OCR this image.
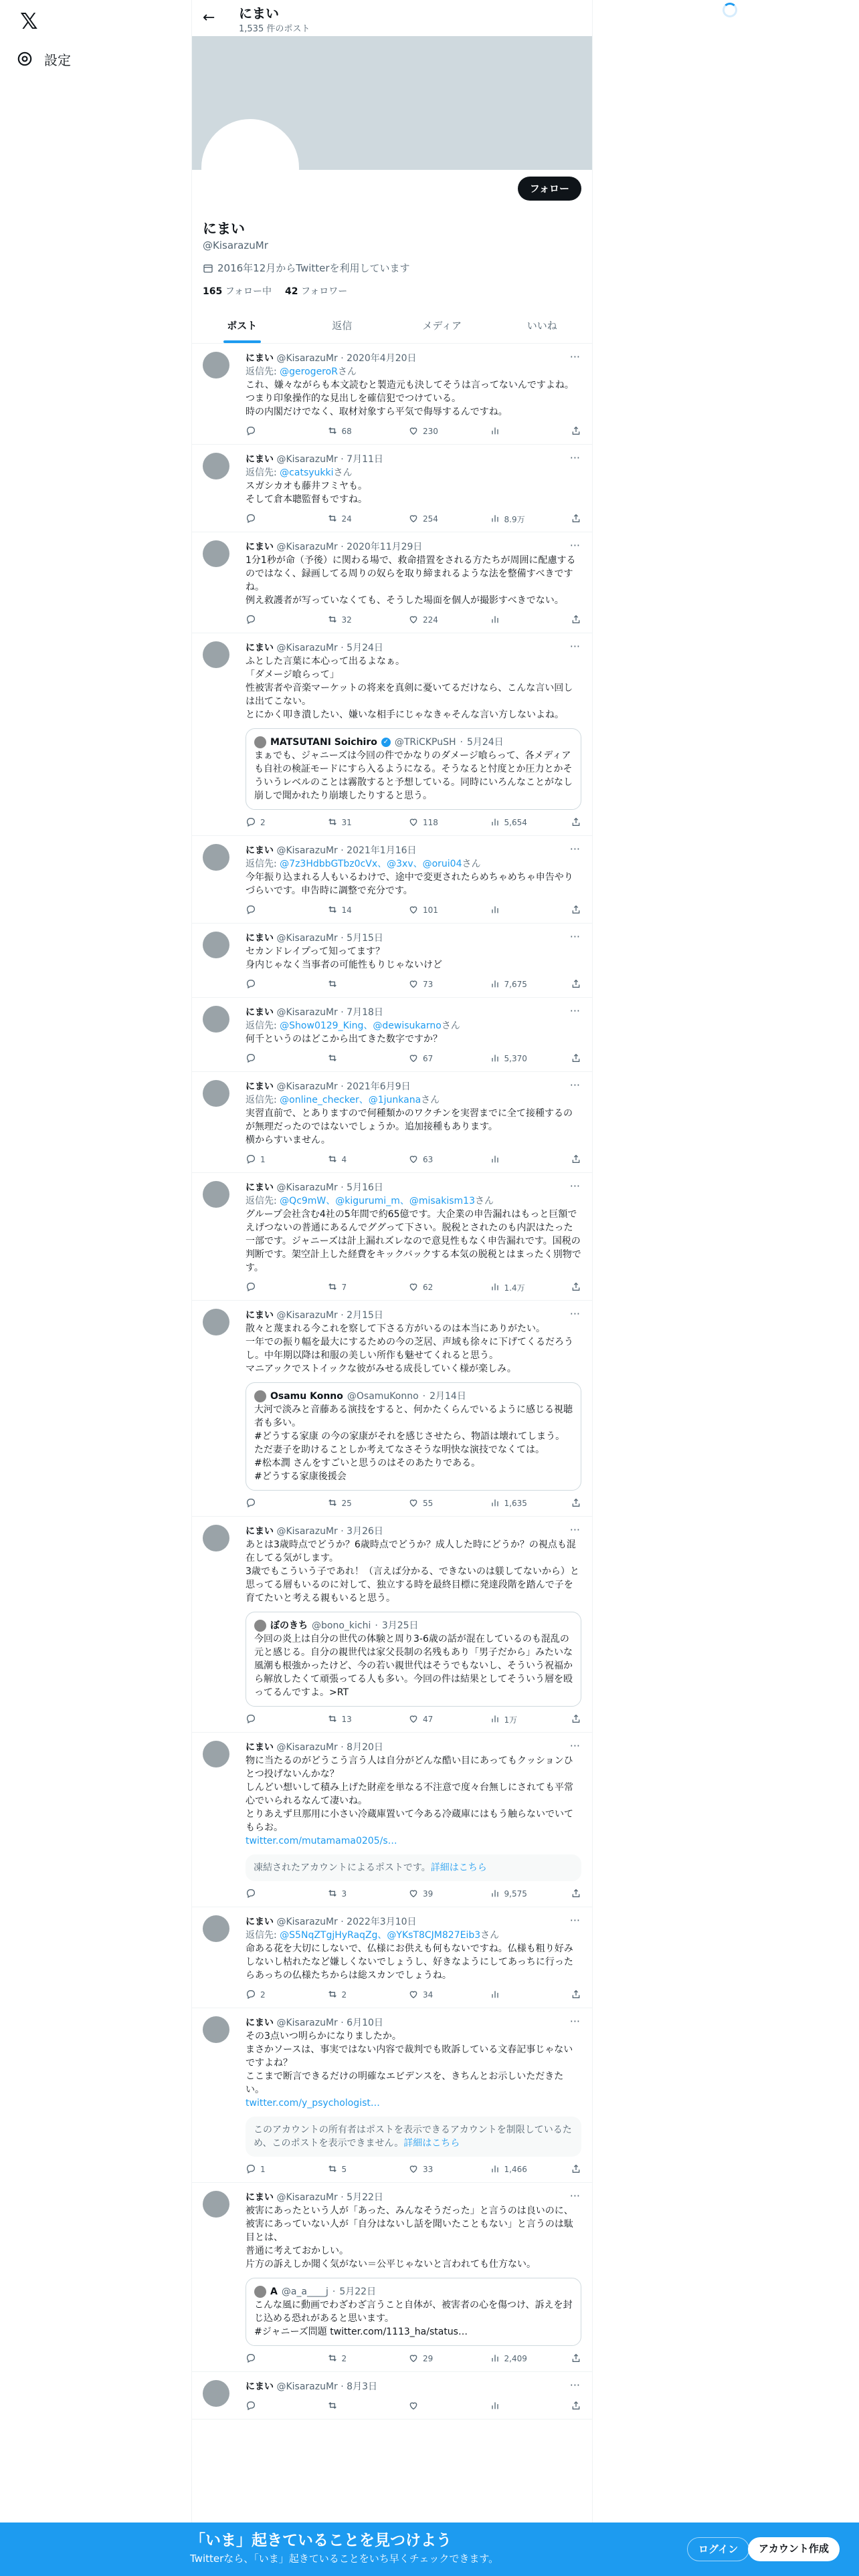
𝕏
設定
← にまい
1,535 件のポスト
フォロー
にまい
@KisarazuMr
2016年12月からTwitterを利用しています
165 フォロー中 42 フォロワー
ポスト	返信	メディア	いいね
···
にまい @KisarazuMr · 2020年4月20日
返信先: @gerogeroRさん
これ、嫌々ながらも本文読むと製造元も決してそうは言ってないんですよね。
つまり印象操作的な見出しを確信犯でつけている。
時の内閣だけでなく、取材対象すら平気で侮辱するんですね。
68	230
···
にまい @KisarazuMr · 7月11日
返信先: @catsyukkiさん
スガシカオも藤井フミヤも。
そして倉本聰監督もですね。
24	254	8.9万
···
にまい @KisarazuMr · 2020年11月29日
1分1秒が命（予後）に関わる場で、救命措置をされる方たちが周囲に配慮するのではなく、録画してる周りの奴らを取り締まれるような法を整備すべきですね。
例え救護者が写っていなくても、そうした場面を個人が撮影すべきでない。
32	224
···
にまい @KisarazuMr · 5月24日
ふとした言葉に本心って出るよなぁ。
「ダメージ喰らって」
性被害者や音楽マーケットの将来を真剣に憂いてるだけなら、こんな言い回しは出てこない。
とにかく叩き潰したい、嫌いな相手にじゃなきゃそんな言い方しないよね。
MATSUTANI Soichiro ✓ @TRiCKPuSH · 5月24日
まぁでも、ジャニーズは今回の件でかなりのダメージ喰らって、各メディアも自社の検証モードにすら入るようになる。そうなると忖度とか圧力とかそういうレベルのことは霧散すると予想している。同時にいろんなことがなし崩しで聞かれたり崩壊したりすると思う。
2	31	118	5,654
···
にまい @KisarazuMr · 2021年1月16日
返信先: @7z3HdbbGTbz0cVx、@3xv、@orui04さん
今年振り込まれる人もいるわけで、途中で変更されたらめちゃめちゃ申告やりづらいです。申告時に調整で充分です。
14	101
···
にまい @KisarazuMr · 5月15日
セカンドレイプって知ってます？
身内じゃなく当事者の可能性もりじゃないけど
73	7,675
···
にまい @KisarazuMr · 7月18日
返信先: @Show0129_King、@dewisukarnoさん
何千というのはどこから出てきた数字ですか？
67	5,370
···
にまい @KisarazuMr · 2021年6月9日
返信先: @online_checker、@1junkanaさん
実習直前で、とありますので何種類かのワクチンを実習までに全て接種するのが無理だったのではないでしょうか。追加接種もあります。
横からすいません。
1	4	63
···
にまい @KisarazuMr · 5月16日
返信先: @Qc9mW、@kigurumi_m、@misakism13さん
グループ会社含む4社の5年間で約65億です。大企業の申告漏れはもっと巨額でえげつないの普通にあるんでググって下さい。脱税とされたのも内訳はたった一部です。ジャニーズは計上漏れズレなので意見性もなく申告漏れです。国税の判断です。架空計上した経費をキックバックする本気の脱税とはまったく別物です。
7	62	1.4万
···
にまい @KisarazuMr · 2月15日
散々と蔑まれる今これを察して下さる方がいるのは本当にありがたい。
一年での振り幅を最大にするための今の芝居、声域も徐々に下げてくるだろうし。中年期以降は和服の美しい所作も魅せてくれると思う。
マニアックでストイックな彼がみせる成長していく様が楽しみ。
Osamu Konno @OsamuKonno · 2月14日
大河で淡みと音藤ある演技をすると、何かたくらんでいるように感じる視聴者も多い。
#どうする家康 の今の家康がそれを感じさせたら、物語は壊れてしまう。ただ妻子を助けることしか考えてなさそうな明快な演技でなくては。
#松本潤 さんをすごいと思うのはそのあたりである。
#どうする家康後援会
25	55	1,635
···
にまい @KisarazuMr · 3月26日
あとは3歳時点でどうか？6歳時点でどうか？成人した時にどうか？の視点も混在してる気がします。
3歳でもこういう子であれ！（言えば分かる、できないのは躾してないから）と思ってる層もいるのに対して、独立する時を最終目標に発達段階を踏んで子を育てたいと考える親もいると思う。
ぼのきち @bono_kichi · 3月25日
今回の炎上は自分の世代の体験と周り3-6歳の話が混在しているのも混乱の元と感じる。自分の親世代は家父長制の名残もあり「男子だから」みたいな風潮も根強かったけど、今の若い親世代はそうでもないし、そういう祝福から解放したくて頑張ってる人も多い。今回の件は結果としてそういう層を殴ってるんですよ。>RT
13	47	1万
···
にまい @KisarazuMr · 8月20日
物に当たるのがどうこう言う人は自分がどんな酷い目にあってもクッションひとつ投げないんかな？
しんどい想いして積み上げた財産を単なる不注意で度々台無しにされても平常心でいられるなんて凄いね。
とりあえず旦那用に小さい冷蔵庫置いて今ある冷蔵庫にはもう触らないでいてもらお。
twitter.com/mutamama0205/s…
凍結されたアカウントによるポストです。詳細はこちら
3	39	9,575
···
にまい @KisarazuMr · 2022年3月10日
返信先: @S5NqZTgjHyRaqZg、@YKsT8CJM827Eib3さん
命ある花を大切にしないで、仏様にお供えも何もないですね。仏様も粗り好みしないし枯れたなど嫌しくないでしょうし、好きなようにしてあっちに行ったらあっちの仏様たちからは総スカンでしょうね。
2	2	34
···
にまい @KisarazuMr · 6月10日
その3点いつ明らかになりましたか。
まさかソースは、事実ではない内容で裁判でも敗訴している文春記事じゃないですよね？
ここまで断言できるだけの明確なエビデンスを、きちんとお示しいただきたい。
twitter.com/y_psychologist…
このアカウントの所有者はポストを表示できるアカウントを制限しているため、このポストを表示できません。詳細はこちら
1	5	33	1,466
···
にまい @KisarazuMr · 5月22日
被害にあったという人が「あった、みんなそうだった」と言うのは良いのに、被害にあっていない人が「自分はないし話を聞いたこともない」と言うのは駄目とは、
普通に考えておかしい。
片方の訴えしか聞く気がない＝公平じゃないと言われても仕方ない。
A @a_a____j · 5月22日
こんな風に動画でわざわざ言うこと自体が、被害者の心を傷つけ、訴えを封じ込める恐れがあると思います。
#ジャニーズ問題 twitter.com/1113_ha/status…
2	29	2,409
···
にまい @KisarazuMr · 8月3日
「いま」起きていることを見つけよう
Twitterなら、「いま」起きていることをいち早くチェックできます。
ログイン	アカウント作成
